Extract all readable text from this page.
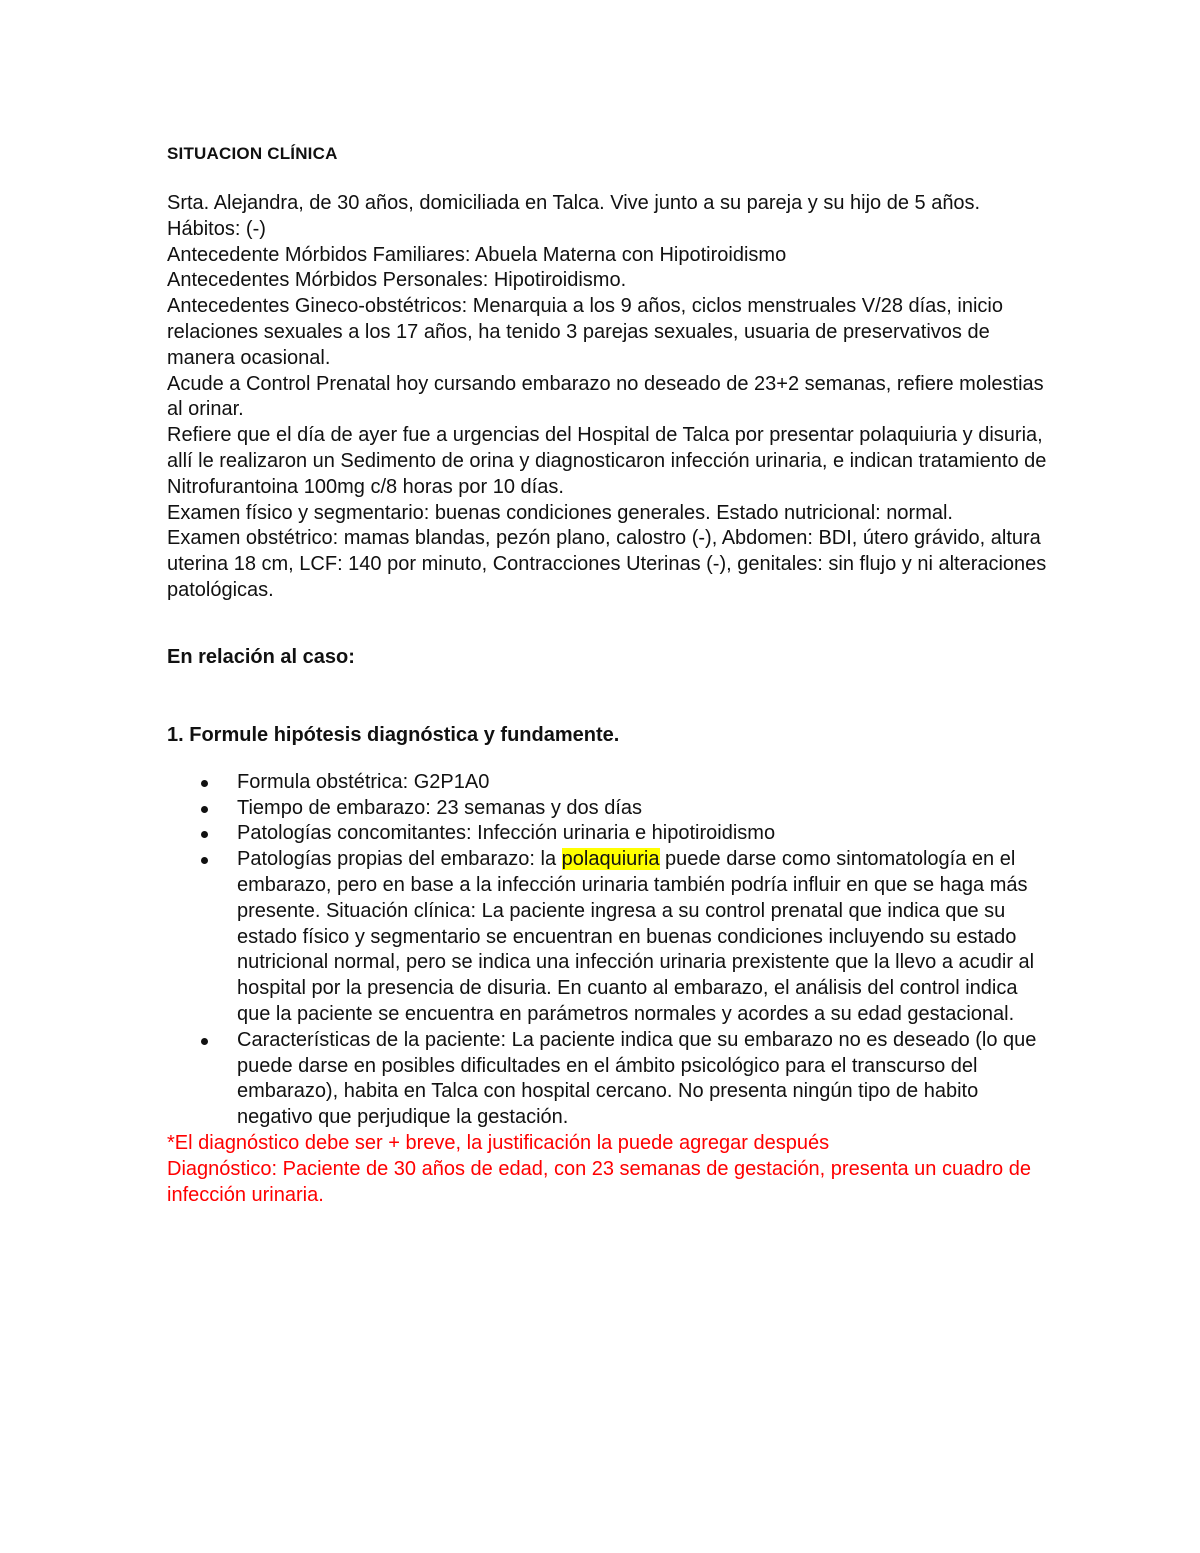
SITUACION CLÍNICA

Srta. Alejandra, de 30 años, domiciliada en Talca. Vive junto a su pareja y su hijo de 5 años.

Hábitos: (-)

Antecedente Mórbidos Familiares: Abuela Materna con Hipotiroidismo

Antecedentes Mórbidos Personales: Hipotiroidismo.

Antecedentes Gineco-obstétricos: Menarquia a los 9 años, ciclos menstruales V/28 días, inicio relaciones sexuales a los 17 años, ha tenido 3 parejas sexuales, usuaria de preservativos de manera ocasional.

Acude a Control Prenatal hoy cursando embarazo no deseado de 23+2 semanas, refiere molestias al orinar.

Refiere que el día de ayer fue a urgencias del Hospital de Talca por presentar polaquiuria y disuria, allí le realizaron un Sedimento de orina y diagnosticaron infección urinaria, e indican tratamiento de Nitrofurantoina 100mg c/8 horas por 10 días.

Examen físico y segmentario: buenas condiciones generales. Estado nutricional: normal.

Examen obstétrico: mamas blandas, pezón plano, calostro (-), Abdomen: BDI, útero grávido, altura uterina 18 cm, LCF: 140 por minuto, Contracciones Uterinas (-), genitales: sin flujo y ni alteraciones patológicas.

En relación al caso:

1. Formule hipótesis diagnóstica y fundamente.

Formula obstétrica: G2P1A0
Tiempo de embarazo: 23 semanas y dos días
Patologías concomitantes: Infección urinaria e hipotiroidismo
Patologías propias del embarazo: la polaquiuria puede darse como sintomatología en el embarazo, pero en base a la infección urinaria también podría influir en que se haga más presente. Situación clínica: La paciente ingresa a su control prenatal que indica que su estado físico y segmentario se encuentran en buenas condiciones incluyendo su estado nutricional normal, pero se indica una infección urinaria prexistente que la llevo a acudir al hospital por la presencia de disuria. En cuanto al embarazo, el análisis del control indica que la paciente se encuentra en parámetros normales y acordes a su edad gestacional.
Características de la paciente: La paciente indica que su embarazo no es deseado (lo que puede darse en posibles dificultades en el ámbito psicológico para el transcurso del embarazo), habita en Talca con hospital cercano. No presenta ningún tipo de habito negativo que perjudique la gestación.

*El diagnóstico debe ser + breve, la justificación la puede agregar después

Diagnóstico: Paciente de 30 años de edad, con 23 semanas de gestación, presenta un cuadro de infección urinaria.
